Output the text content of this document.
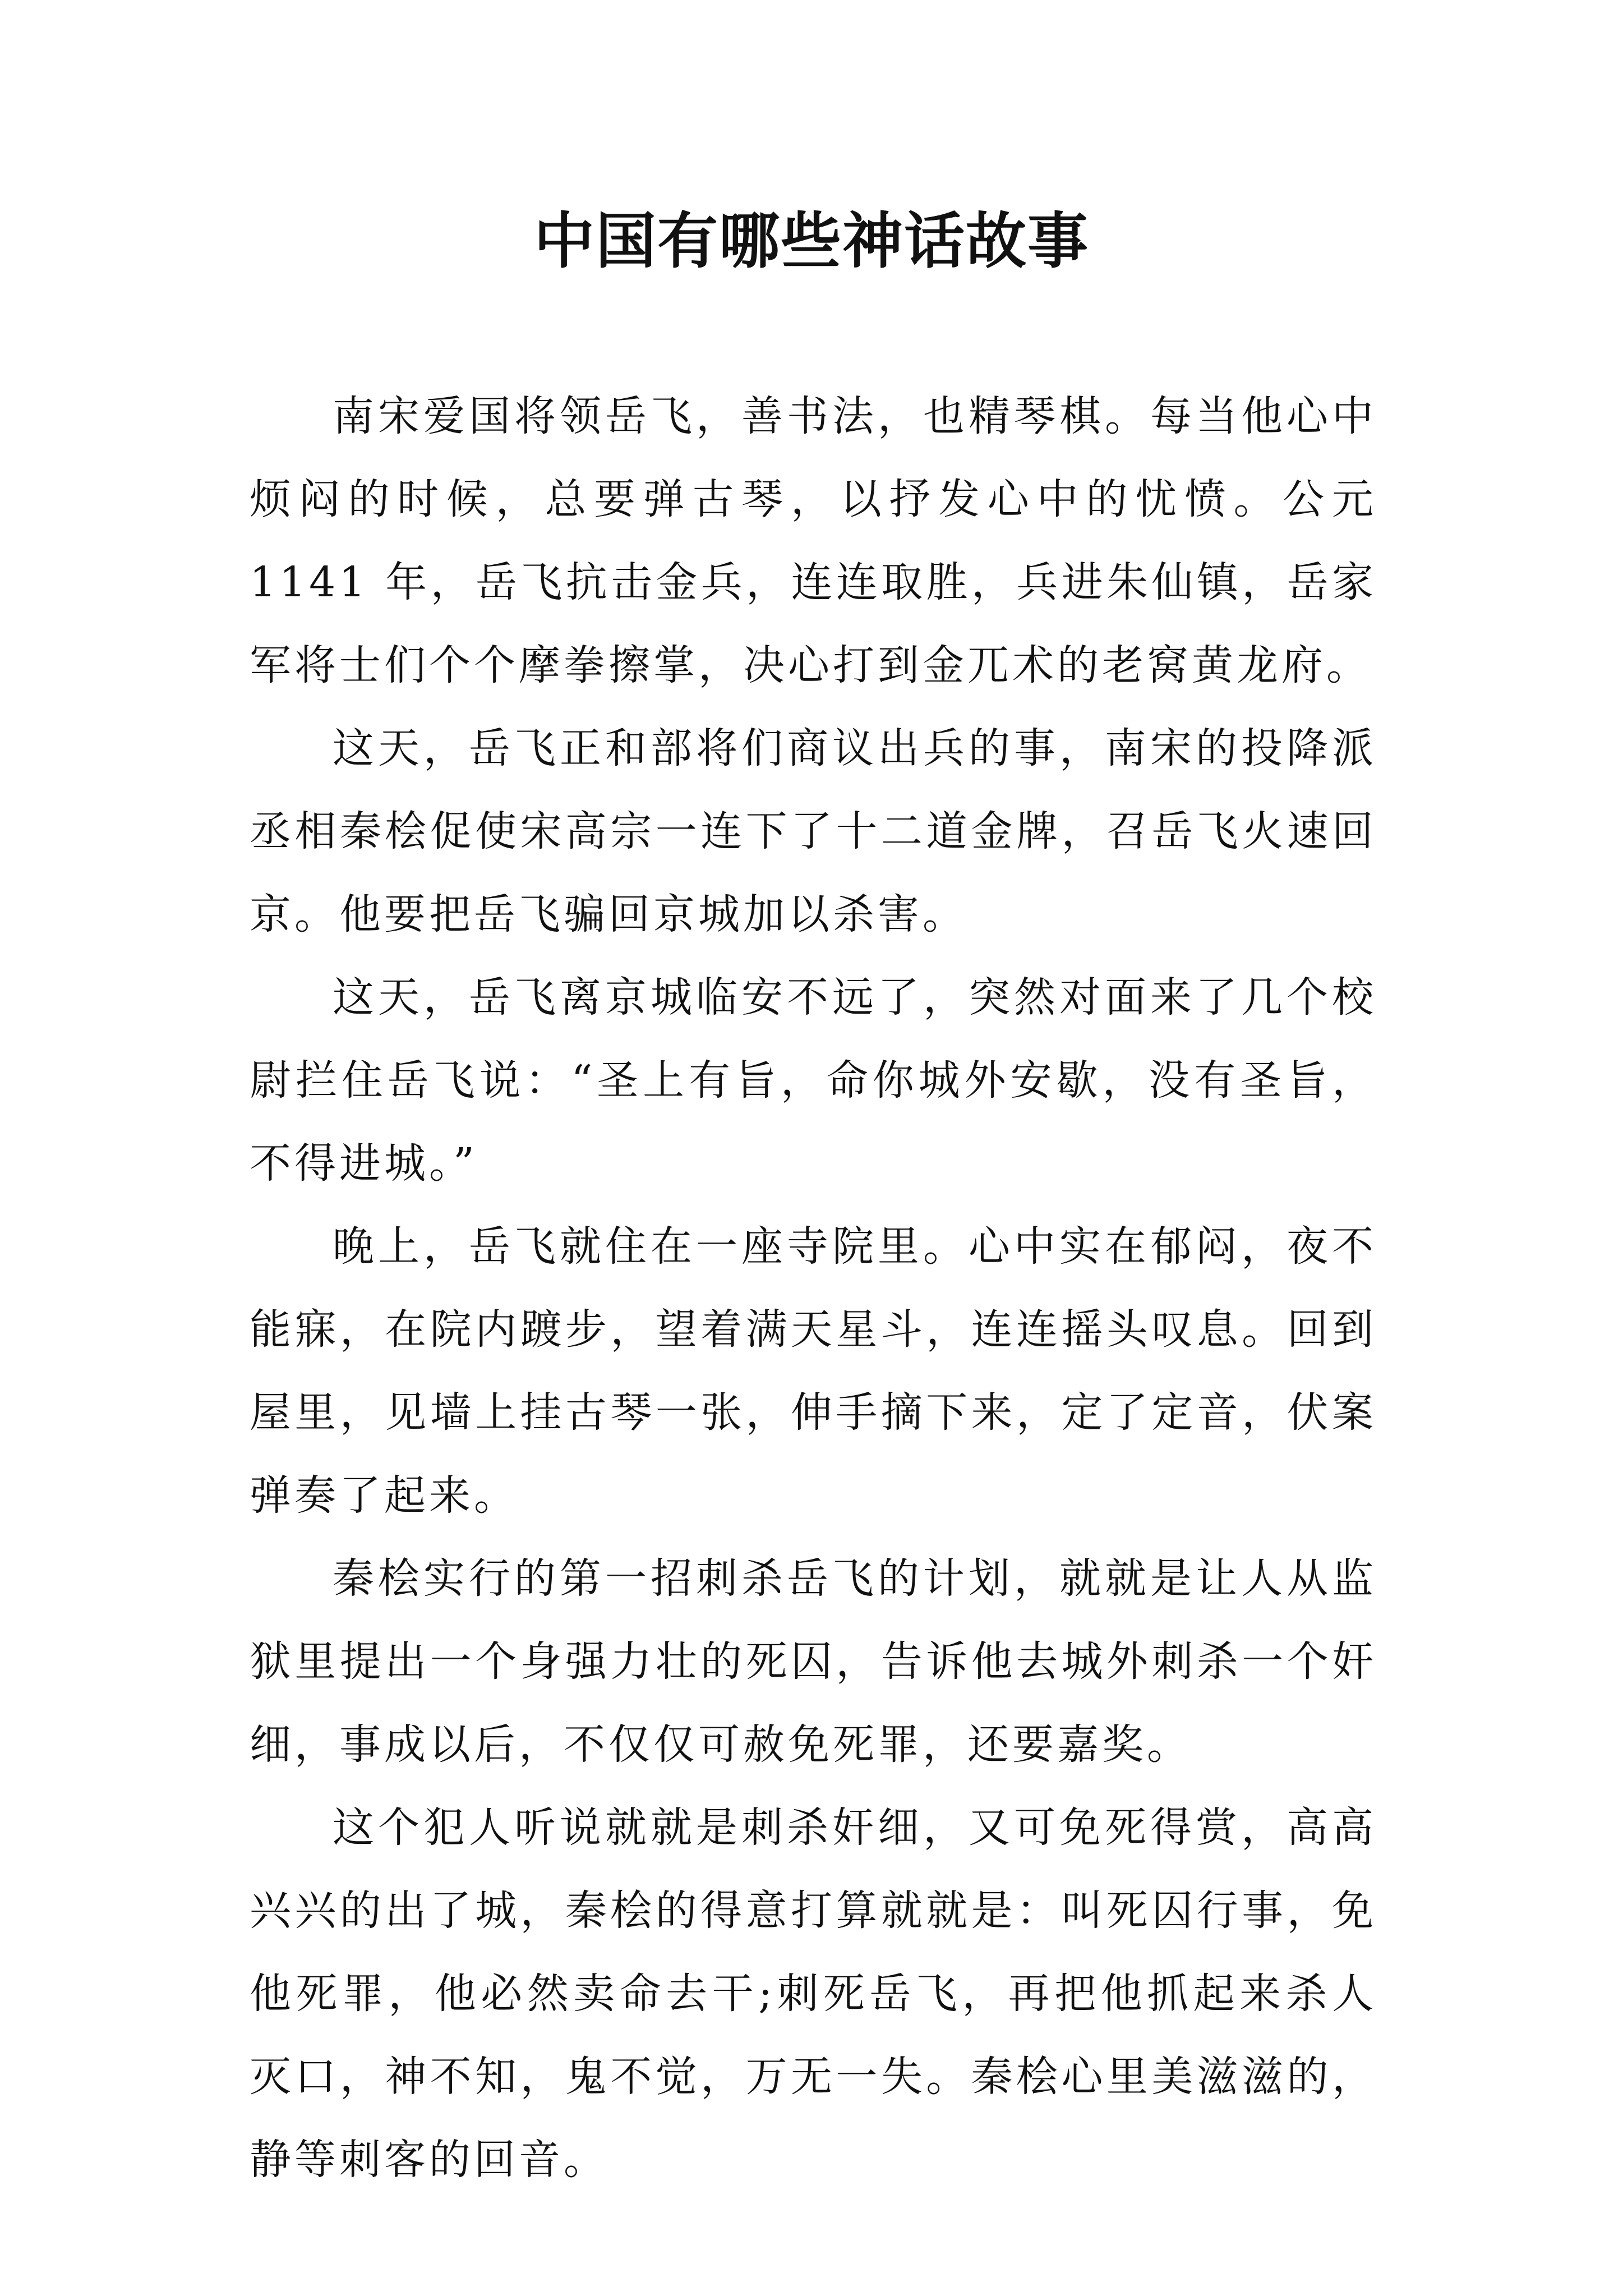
中国有哪些神话故事

南宋爱国将领岳飞，善书法，也精琴棋。每当他心中烦闷的时候，总要弹古琴，以抒发心中的忧愤。公元 1141 年，岳飞抗击金兵，连连取胜，兵进朱仙镇，岳家军将士们个个摩拳擦掌，决心打到金兀术的老窝黄龙府。

这天，岳飞正和部将们商议出兵的事，南宋的投降派丞相秦桧促使宋高宗一连下了十二道金牌，召岳飞火速回京。他要把岳飞骗回京城加以杀害。

这天，岳飞离京城临安不远了，突然对面来了几个校尉拦住岳飞说：“圣上有旨，命你城外安歇，没有圣旨，不得进城。”

晚上，岳飞就住在一座寺院里。心中实在郁闷，夜不能寐，在院内踱步，望着满天星斗，连连摇头叹息。回到屋里，见墙上挂古琴一张，伸手摘下来，定了定音，伏案弹奏了起来。

秦桧实行的第一招刺杀岳飞的计划，就就是让人从监狱里提出一个身强力壮的死囚，告诉他去城外刺杀一个奸细，事成以后，不仅仅可赦免死罪，还要嘉奖。

这个犯人听说就就是刺杀奸细，又可免死得赏，高高兴兴的出了城，秦桧的得意打算就就是：叫死囚行事，免他死罪，他必然卖命去干;刺死岳飞，再把他抓起来杀人灭口，神不知，鬼不觉，万无一失。秦桧心里美滋滋的，静等刺客的回音。
